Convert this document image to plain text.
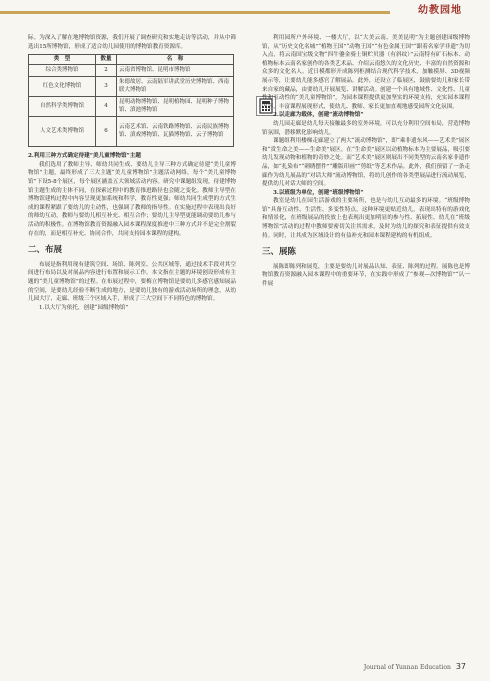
幼教园地

际。为深入了解在地博物馆资源，我们开展了调查研究和实地走访等活动，并从中筛选出15所博物馆，形成了适合幼儿园使用的博物馆教育资源库。

类　型	数量	名　称
综合类博物馆	2	云南省博物馆、昆明市博物馆
红色文化博物馆	3	朱德故居、云南陆军讲武堂历史博物馆、西南联大博物馆
自然科学类博物馆	4	昆明动物博物馆、昆明植物园、昆明种子博物馆、滇池博物馆
人文艺术类博物馆	6	云南艺术馆、云南铁路博物馆、云南民族博物馆、滇戏博物馆、瓦猫博物馆、云子博物馆

2.利用三种方式确定待建“美儿童博物馆”主题

我们选用了教师主导、师幼共同生成、要幼儿主导三种方式确定待建“美儿童博物馆”主题，最终形成了三大主题“美儿童博物馆”主题活动网络，每个“美儿童博物馆”下设5-8个展区，每个展区涵盖五大领域活动内容。研究中课题组发现，待建博物馆主题生成的主体不同，在探索过程中的教育推进路径也会随之变化。教师主导型在博物馆建构过程中内容呈现更加系统和科学，教育性更强；师幼共同生成型的方式生成的课程紧跟了要幼儿的主动性，也强调了教师的指导性。在实施过程中表现出良好的师幼互动，教师与要幼儿相互补充、相互合作；要幼儿主导型更能调动要幼儿参与活动的积极性。在博物馆教育资源融入园本课程深度推进中三种方式并不是完全割裂存在的，而是相互补充、协同合作，共同支持园本课程的建构。

二、布展

布展是指利用现有建筑空间、场馆、陈列室、公共区域等，通过技术手段对其空间进行布局以及对展品内容进行布置和展示工作。本文指在主题的环境创设形成有主题的“美儿童博物馆”的过程。在布展过程中，要梅立博物馆是要幼儿多感官感知展品的空间，是要幼儿经验不断生成的地方，是要幼儿独有的游戏活动场所的理念，从幼儿园大厅、走廊、班级三个区域入手，形成了三大空间下不同特色的博物馆。

1.以大厅为依托，创建“园级博物馆”

利用园所户外环境、一楼大厅，以“大美云南、美美昆明”为主题创建园级博物馆，从“历史文化名城”“植物王国”“动物王国”“有色金属王国”“跟着名家学非遗”为切入点，将云南国宝级文物“四牛鎏金骑士铜贮贝器（有斜纹）”云南特有矿石标本、动植物标本云南名家创作的各类艺术品、介绍云南悠久的文化历史、丰富的自然资源和众多的文化名人。近日模都形开成陈列柜测结合现代科学技术，加触摸屏、3D视频展示等，让要幼儿能多感官了解展品。此外，还设立了临展区，鼓励要幼儿和家长带来自家的藏品，由要幼儿开展展览、讲解活动。创建一个具有地域性、文化性、儿童性和互动性的“美儿童博物馆”，为园本课程提供更加坚实的环境支持，充实园本课程内容，丰富课程展现形式，使幼儿、教师、家长更加直观地感受园所文化氛围。

2.以走廊为载体，创建“流动博物馆”

幼儿园走廊是幼儿每天接触最多的室外环境，可以充分利用空间布局，营造博物馆氛围，潜移默化影响幼儿。

课题组利用楼梯走廊建立了两大“流动博物馆”，即“乘非遗东风——艺术美”展区和“赏生命之美——生命美”展区。在“生命美”展区以动植物标本为主要展品，吸引要幼儿发现动物和植物的奇妙之处。而“艺术美”展区则展出不同类型的云南名家非遗作品，如“扎染布”“刺绣摆件”“雕版印画”“剪纸”等艺术作品。此外，我们预留了一条走廊作为幼儿展品的“对话大师”流动博物馆，将幼儿创作的各类型展品进行流动展览，提供幼儿对话大师的空间。

3.以班级为单位，创建“班级博物馆”

教室是幼儿在园生活游戏的主要场所，也是与幼儿互动最多的环境。“班级博物馆”具备互动性、生活性、多变性特点，这种环境更贴近幼儿，表现出特有的游戏化和情景化，在班级展品的投放上也表现出更加明显的参与性、拓展性。幼儿在“班级博物馆”活动的过程中教师要密切关注其需求，及时为幼儿的探究和表征提供有效支持。同时，让其成为区域设计的有益补充和园本课程建构的有机组成。

三、展陈

展陈即陈列和展览，主要是要幼儿对展品认知、表征、陈列的过程。展陈也是博物馆教育资源融入园本课程中的重要环节，在实践中形成了“参观—次博物馆”“认一件展

Journal of Yunnan Education 37
